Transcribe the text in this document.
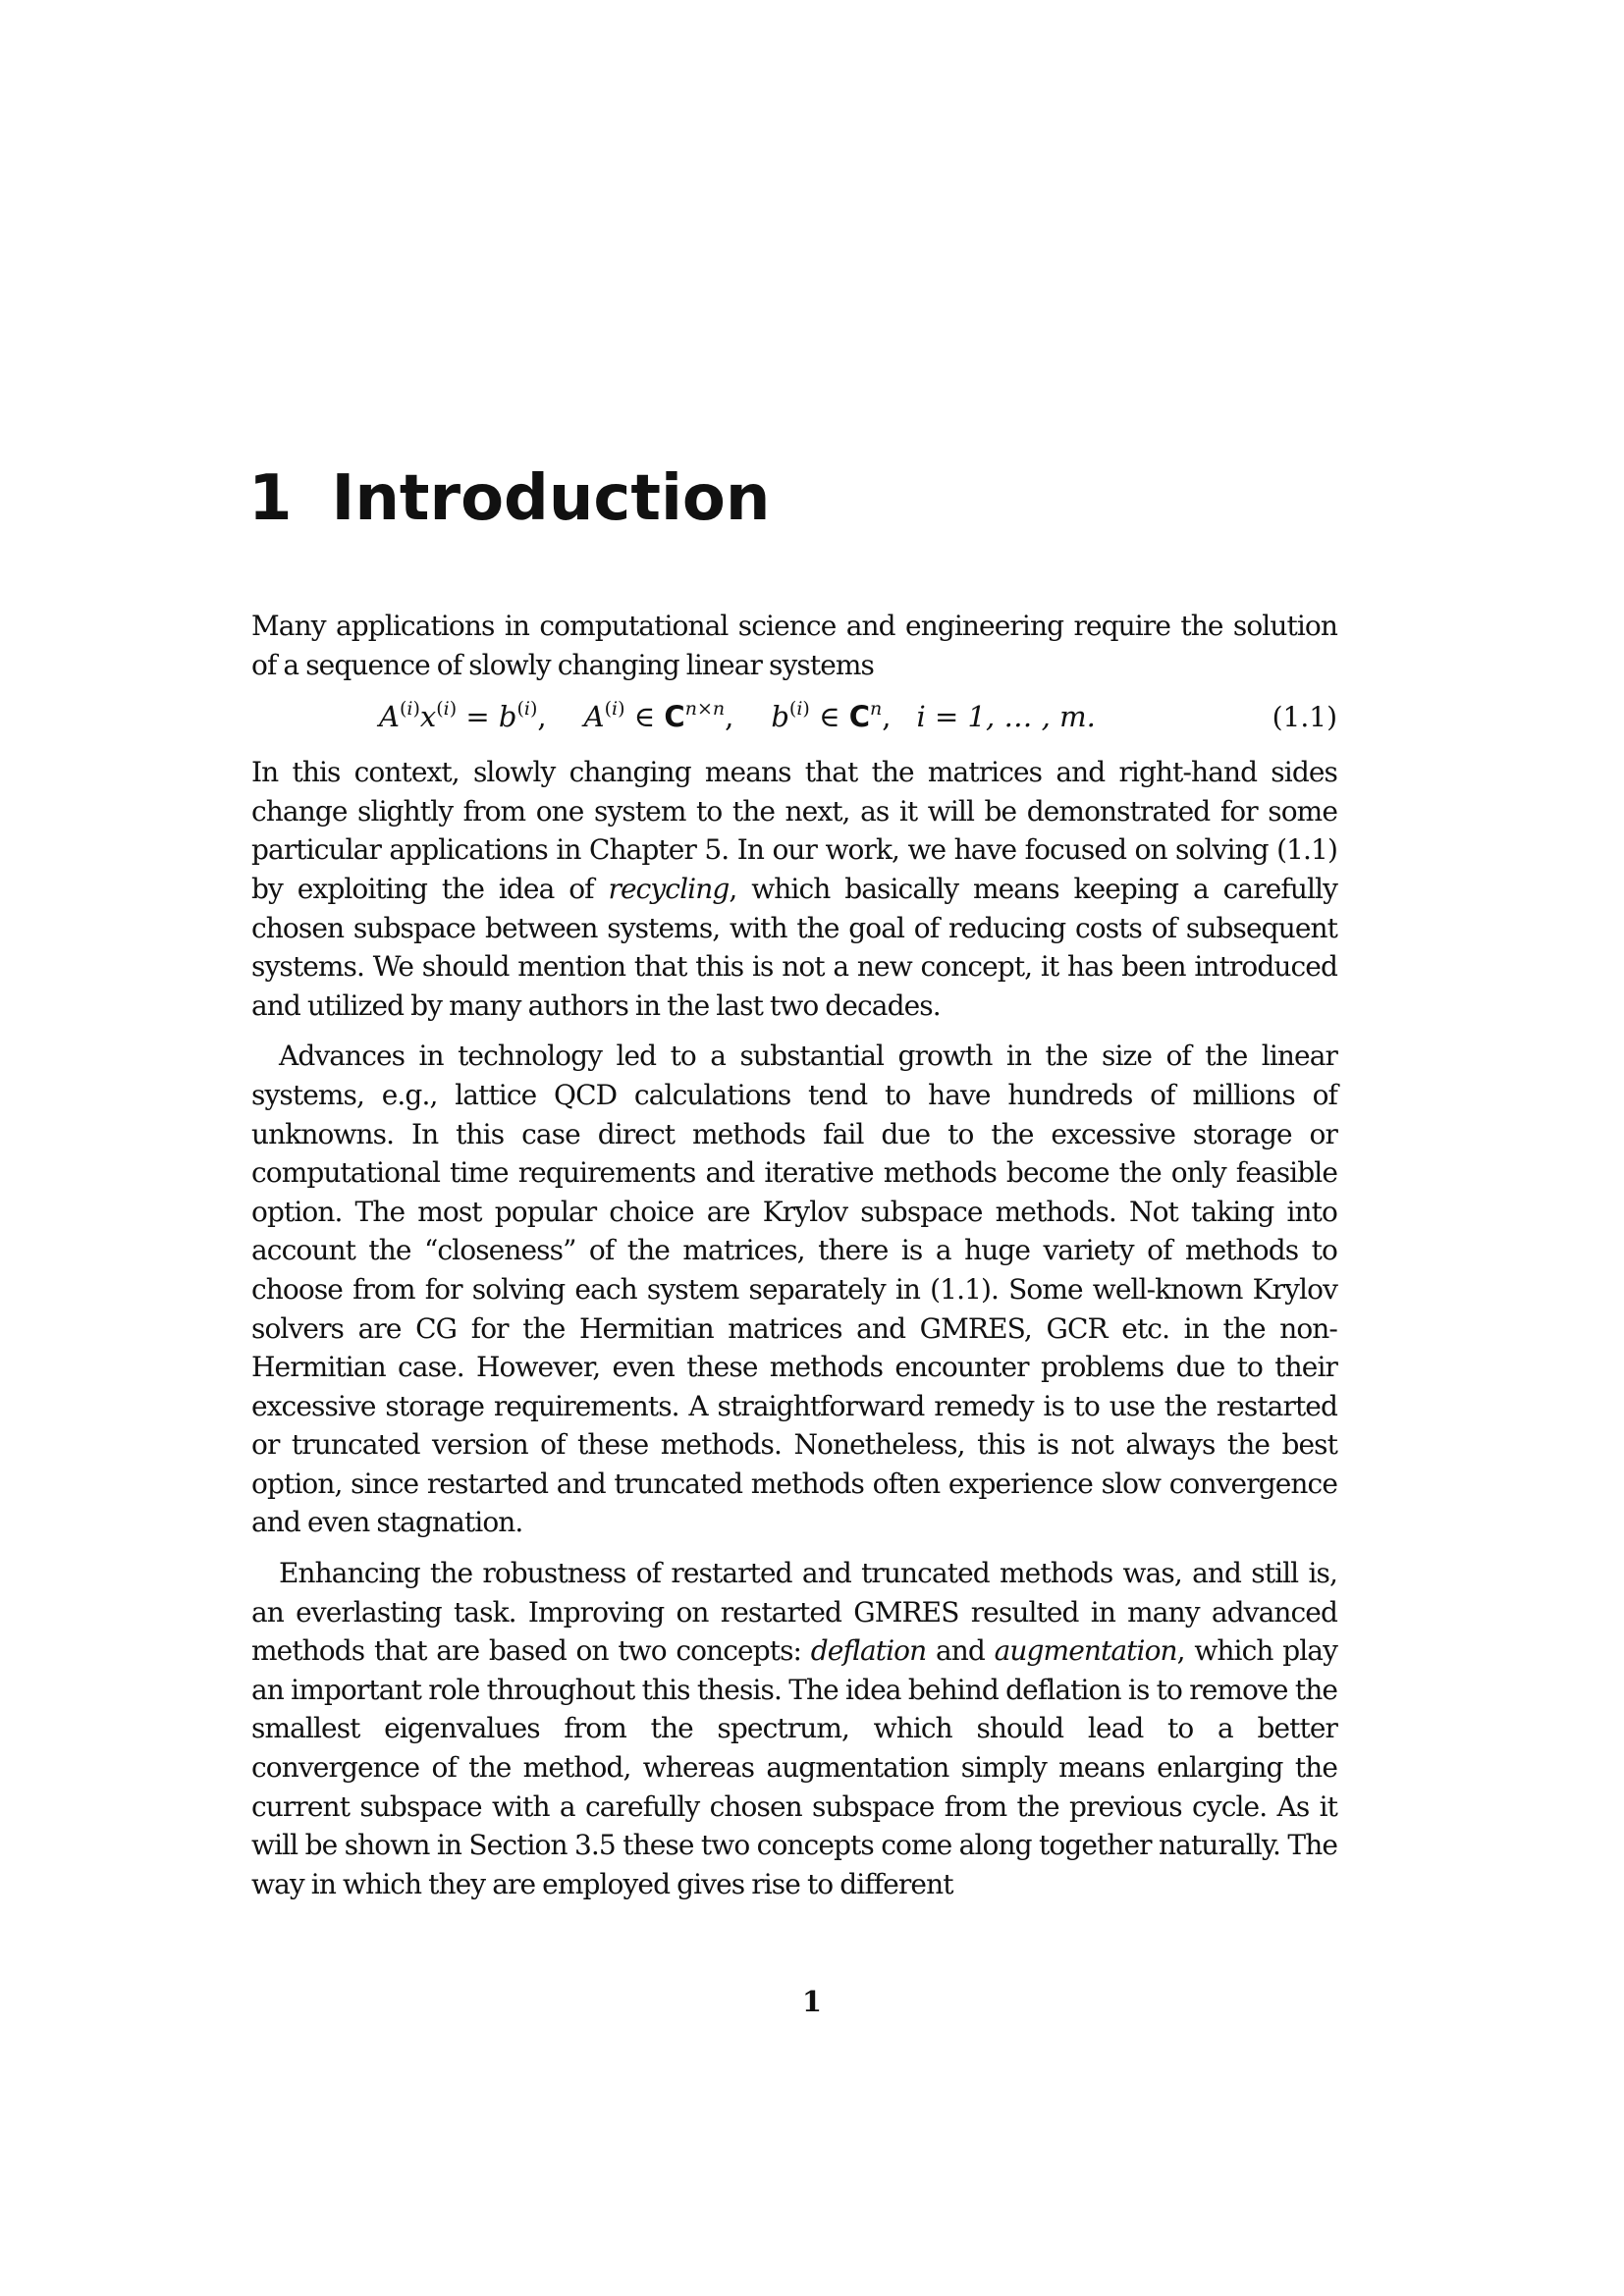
1 Introduction

Many applications in computational science and engineering require the solution of a sequence of slowly changing linear systems

$A^{(i)}x^{(i)} = b^{(i)}$, $A^{(i)}$ ∈ $C^{n\times n}$, $b^{(i)}$ ∈ $C^n$, i = 1, … , m.	(1.1)

In this context, slowly changing means that the matrices and right-hand sides change slightly from one system to the next, as it will be demonstrated for some particular applications in Chapter 5. In our work, we have focused on solving (1.1) by exploiting the idea of recycling, which basically means keeping a carefully chosen subspace between systems, with the goal of reducing costs of subsequent systems. We should mention that this is not a new concept, it has been introduced and utilized by many authors in the last two decades.

Advances in technology led to a substantial growth in the size of the linear systems, e.g., lattice QCD calculations tend to have hundreds of millions of unknowns. In this case direct methods fail due to the excessive storage or computational time requirements and iterative methods become the only feasible option. The most popular choice are Krylov subspace methods. Not taking into account the “closeness” of the matrices, there is a huge variety of methods to choose from for solving each system separately in (1.1). Some well-known Krylov solvers are CG for the Hermitian matrices and GMRES, GCR etc. in the non-Hermitian case. However, even these methods encounter problems due to their excessive storage requirements. A straightforward remedy is to use the restarted or truncated version of these methods. Nonetheless, this is not always the best option, since restarted and truncated methods often experience slow convergence and even stagnation.

Enhancing the robustness of restarted and truncated methods was, and still is, an everlasting task. Improving on restarted GMRES resulted in many advanced methods that are based on two concepts: deflation and augmentation, which play an important role throughout this thesis. The idea behind deflation is to remove the smallest eigenvalues from the spectrum, which should lead to a better convergence of the method, whereas augmentation simply means enlarging the current subspace with a carefully chosen subspace from the previous cycle. As it will be shown in Section 3.5 these two concepts come along together naturally. The way in which they are employed gives rise to different

1
